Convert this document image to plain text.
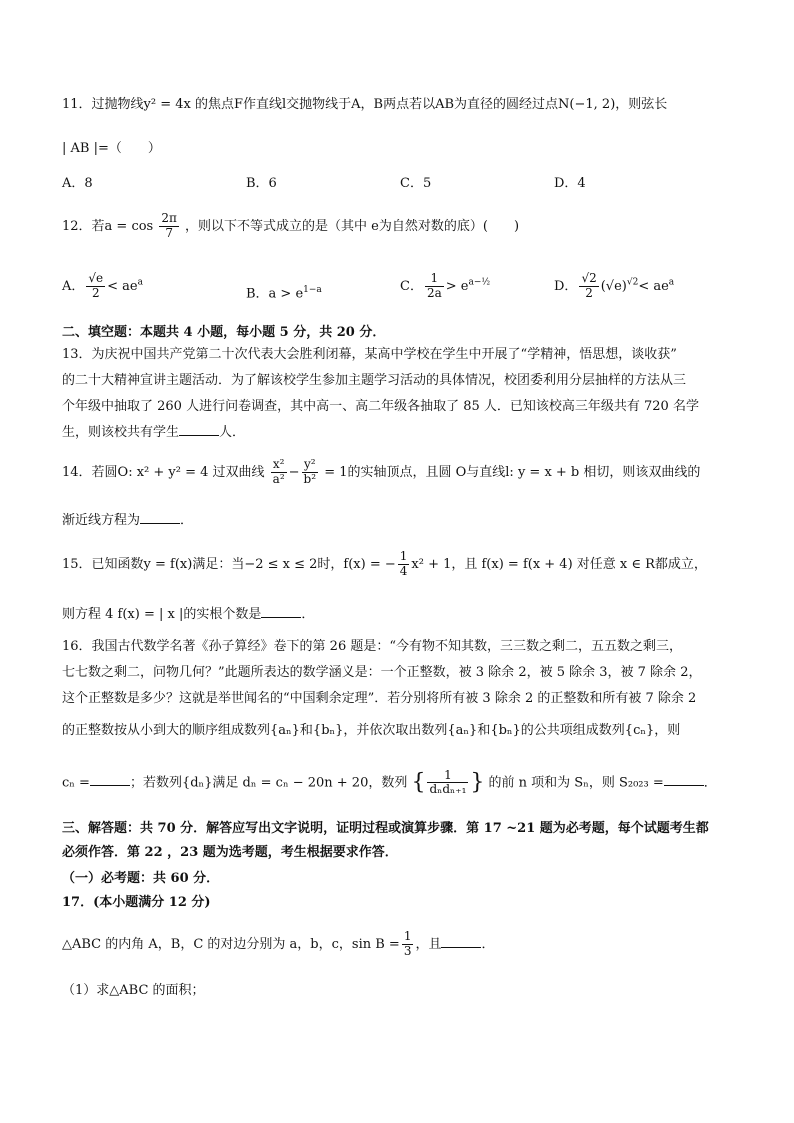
11．过抛物线y² = 4x 的焦点F作直线l交抛物线于A，B两点若以AB为直径的圆经过点N(−1, 2)，则弦长
| AB |=（　　）
A．8	B．6	C．5	D．4
12．若$a = \cos \frac{2\pi}{7}$ ，则以下不等式成立的是（其中 e为自然对数的底）(　　)
A． $\frac{√e}{2} < ae^a$
B．$a > e^{1-a}$	C． $\frac{1}{2a} > e^{a-\frac{1}{2}}$	D． $\frac{√2}{2} (√e)^{√2}< ae^a$
二、填空题：本题共 4 小题，每小题 5 分，共 20 分．
13．为庆祝中国共产党第二十次代表大会胜利闭幕，某高中学校在学生中开展了“学精神，悟思想，谈收获”
的二十大精神宣讲主题活动．为了解该校学生参加主题学习活动的具体情况，校团委利用分层抽样的方法从三
个年级中抽取了 260 人进行问卷调查，其中高一、高二年级各抽取了 85 人．已知该校高三年级共有 720 名学
生，则该校共有学生	人．
14．若圆O: x² + y² = 4 过双曲线 $\frac{\text{x²}}{\text{a²}} - \frac{\text{y²}}{\text{b²}} = 1$的实轴顶点，且圆 O与直线l: y = x + b 相切，则该双曲线的
渐近线方程为	．
15．已知函数y = f(x)满足：当−2 ≤ x ≤ 2时，f(x) = − $\frac{1}{4} x^2 + 1$，且 f(x) = f(x + 4) 对任意 x ∈ R都成立，
则方程 4 f(x) = | x |的实根个数是	．
16．我国古代数学名著《孙子算经》卷下的第 26 题是：“今有物不知其数，三三数之剩二，五五数之剩三，
七七数之剩二，问物几何？”此题所表达的数学涵义是：一个正整数，被 3 除余 2，被 5 除余 3，被 7 除余 2，
这个正整数是多少？这就是举世闻名的“中国剩余定理”．若分别将所有被 3 除余 2 的正整数和所有被 7 除余 2
的正整数按从小到大的顺序组成数列{aₙ}和{bₙ}，并依次取出数列{aₙ}和{bₙ}的公共项组成数列{cₙ}，则
cₙ =	；若数列{dₙ}满足 dₙ = cₙ − 20n + 20，数列 { $\frac{1}{\text{dₙdₙ₊₁}}$ } 的前 n 项和为 Sₙ，则 S₂₀₂₃ =	．
三、解答题：共 70 分．解答应写出文字说明，证明过程或演算步骤．第 17 ~21 题为必考题，每个试题考生都
必须作答．第 22 ，23 题为选考题，考生根据要求作答．
（一）必考题：共 60 分．
17．(本小题满分 12 分)
△ABC 的内角 A，B，C 的对边分别为 a，b，c，$\sin B = \frac{1}{3}$ ，且	．
（1）求△ABC 的面积；
